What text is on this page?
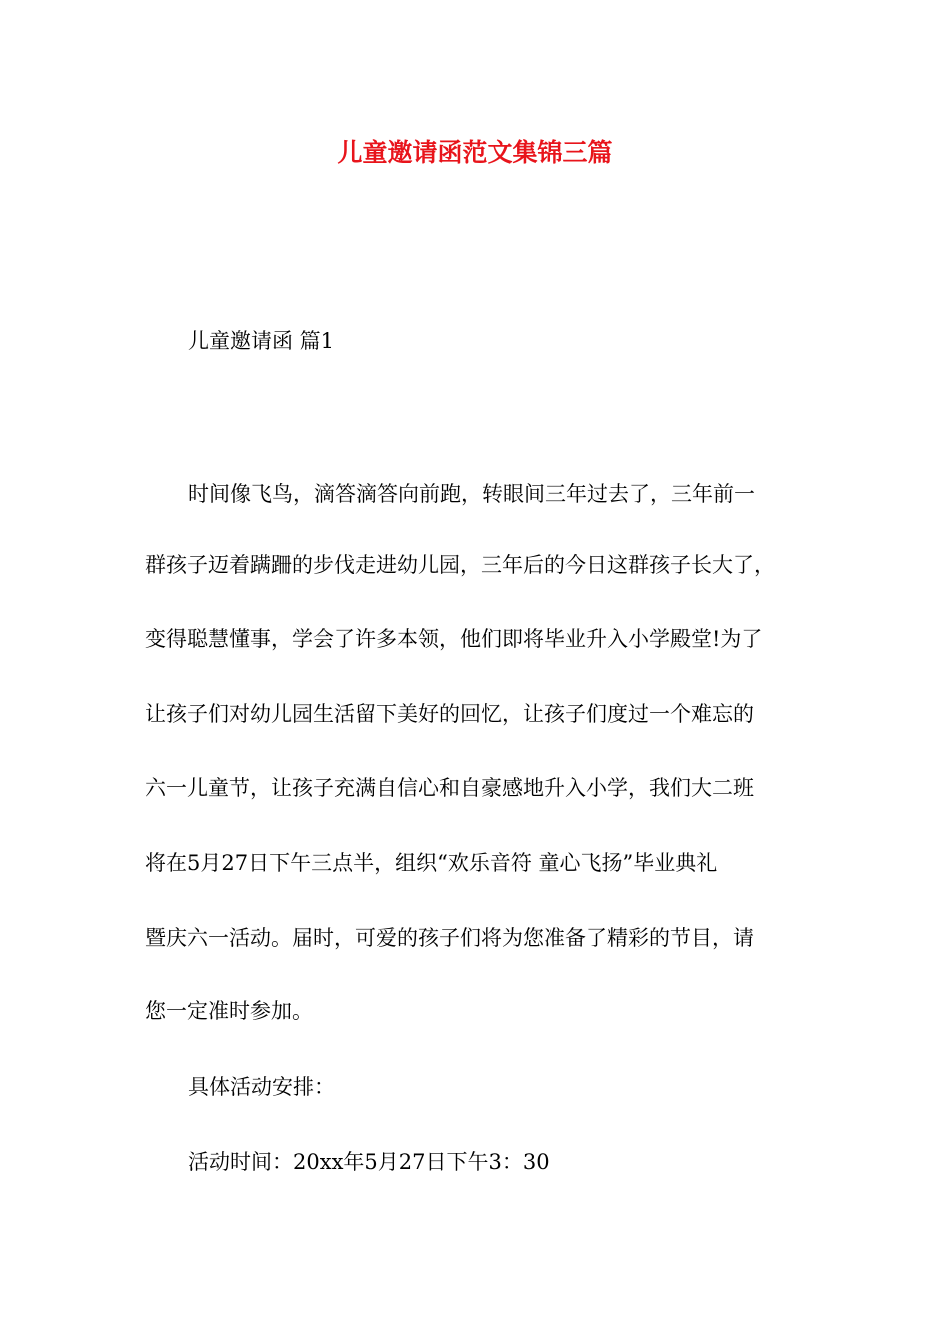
儿童邀请函范文集锦三篇
儿童邀请函 篇1
时间像飞鸟，滴答滴答向前跑，转眼间三年过去了，三年前一
群孩子迈着蹒跚的步伐走进幼儿园，三年后的今日这群孩子长大了，
变得聪慧懂事，学会了许多本领，他们即将毕业升入小学殿堂!为了
让孩子们对幼儿园生活留下美好的回忆，让孩子们度过一个难忘的
六一儿童节，让孩子充满自信心和自豪感地升入小学，我们大二班
将在5月27日下午三点半，组织“欢乐音符 童心飞扬”毕业典礼
暨庆六一活动。届时，可爱的孩子们将为您准备了精彩的节目，请
您一定准时参加。
具体活动安排：
活动时间：20xx年5月27日下午3：30
